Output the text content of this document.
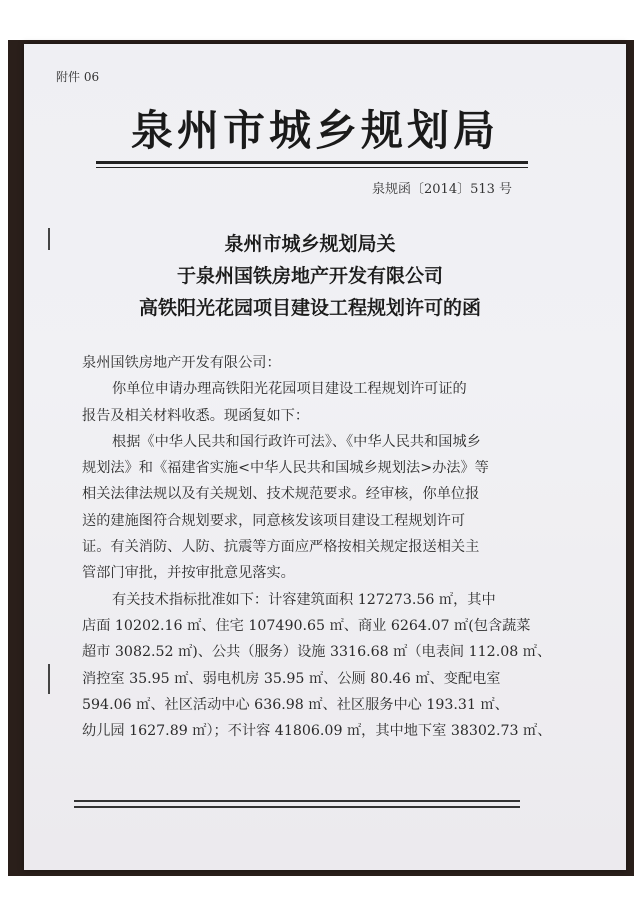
附件 06
泉州市城乡规划局
泉规函〔2014〕513 号
泉州市城乡规划局关
于泉州国铁房地产开发有限公司
高铁阳光花园项目建设工程规划许可的函

泉州国铁房地产开发有限公司：

你单位申请办理高铁阳光花园项目建设工程规划许可证的

报告及相关材料收悉。现函复如下：

根据《中华人民共和国行政许可法》、《中华人民共和国城乡

规划法》和《福建省实施<中华人民共和国城乡规划法>办法》等

相关法律法规以及有关规划、技术规范要求。经审核，你单位报

送的建施图符合规划要求，同意核发该项目建设工程规划许可

证。有关消防、人防、抗震等方面应严格按相关规定报送相关主

管部门审批，并按审批意见落实。

有关技术指标批准如下：计容建筑面积 127273.56 ㎡，其中

店面 10202.16 ㎡、住宅 107490.65 ㎡、商业 6264.07 ㎡(包含蔬菜

超市 3082.52 ㎡)、公共（服务）设施 3316.68 ㎡（电表间 112.08 ㎡、

消控室 35.95 ㎡、弱电机房 35.95 ㎡、公厕 80.46 ㎡、变配电室

594.06 ㎡、社区活动中心 636.98 ㎡、社区服务中心 193.31 ㎡、

幼儿园 1627.89 ㎡）；不计容 41806.09 ㎡，其中地下室 38302.73 ㎡、
